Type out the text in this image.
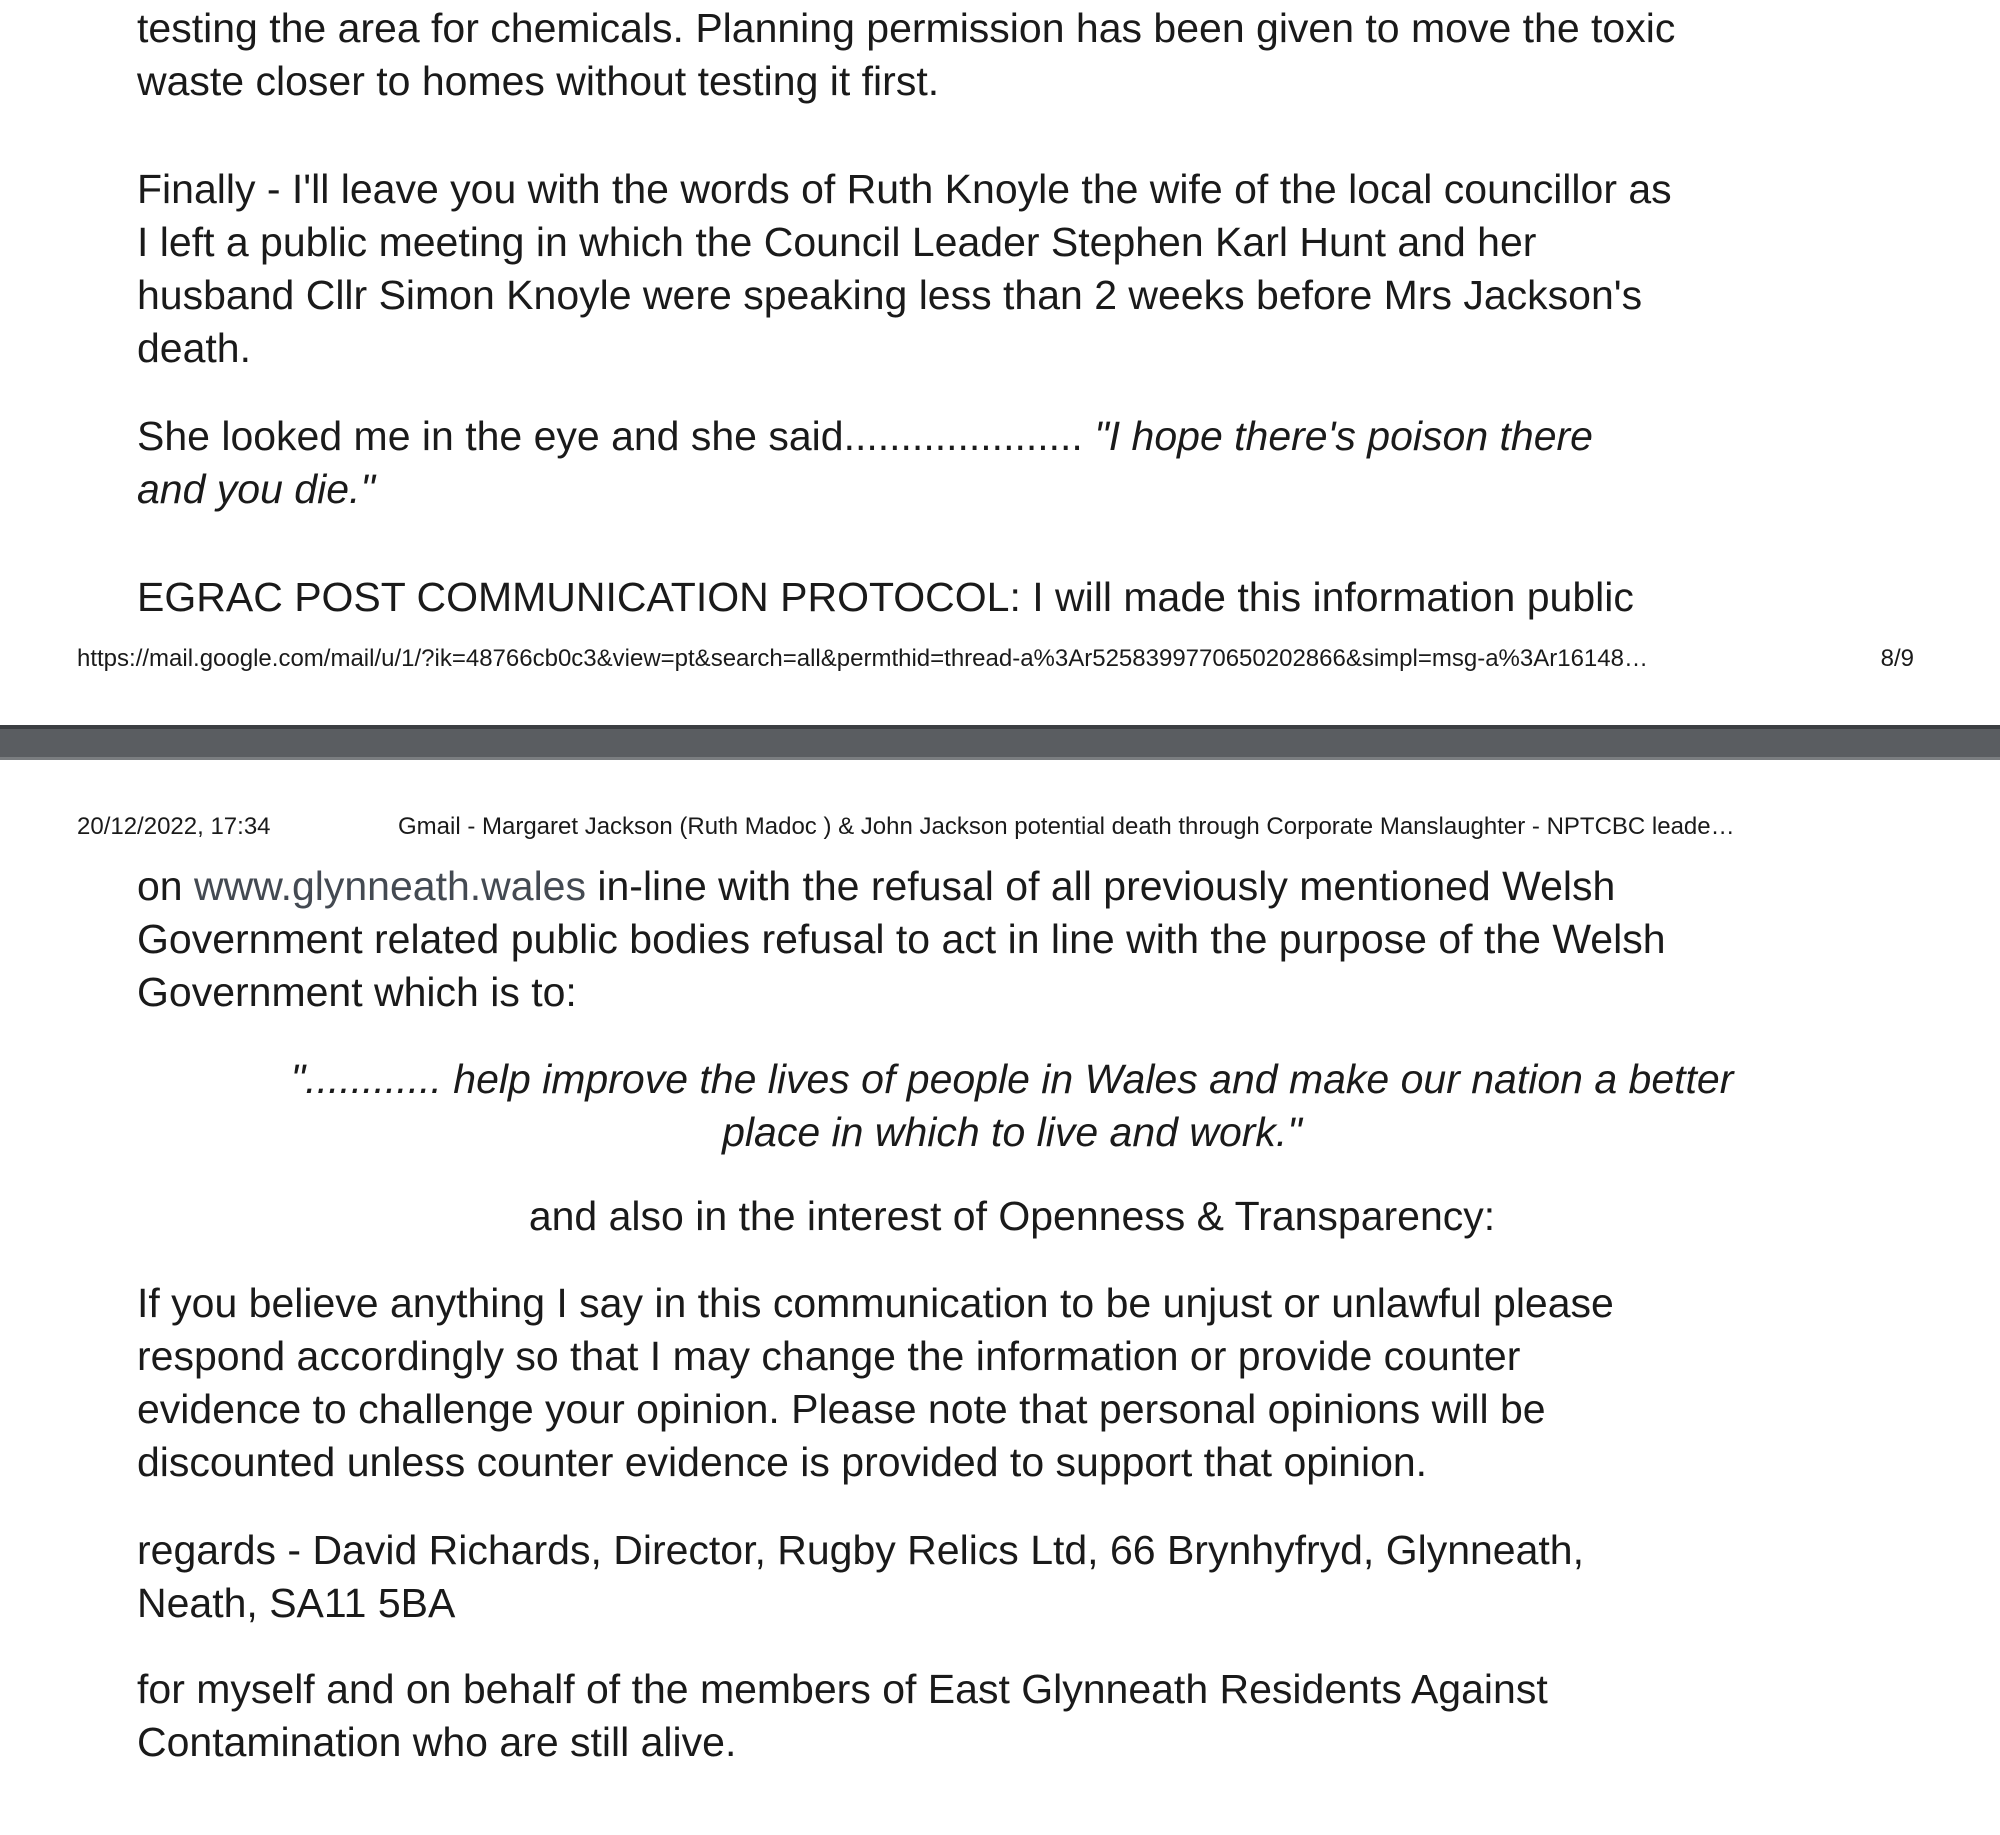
testing the area for chemicals. Planning permission has been given to move the toxic
waste closer to homes without testing it first.

Finally - I'll leave you with the words of Ruth Knoyle the wife of the local councillor as
I left a public meeting in which the Council Leader Stephen Karl Hunt and her
husband Cllr Simon Knoyle were speaking less than 2 weeks before Mrs Jackson's
death.

She looked me in the eye and she said..................... "I hope there's poison there
and you die."

EGRAC POST COMMUNICATION PROTOCOL: I will made this information public

https://mail.google.com/mail/u/1/?ik=48766cb0c3&view=pt&search=all&permthid=thread-a%3Ar5258399770650202866&simpl=msg-a%3Ar16148…	8/9
20/12/2022, 17:34	Gmail - Margaret Jackson (Ruth Madoc ) & John Jackson potential death through Corporate Manslaughter - NPTCBC leade…

on www.glynneath.wales in-line with the refusal of all previously mentioned Welsh
Government related public bodies refusal to act in line with the purpose of the Welsh
Government which is to:

"............ help improve the lives of people in Wales and make our nation a better
place in which to live and work."

and also in the interest of Openness & Transparency:

If you believe anything I say in this communication to be unjust or unlawful please
respond accordingly so that I may change the information or provide counter
evidence to challenge your opinion. Please note that personal opinions will be
discounted unless counter evidence is provided to support that opinion.

regards - David Richards, Director, Rugby Relics Ltd, 66 Brynhyfryd, Glynneath,
Neath, SA11 5BA

for myself and on behalf of the members of East Glynneath Residents Against
Contamination who are still alive.
